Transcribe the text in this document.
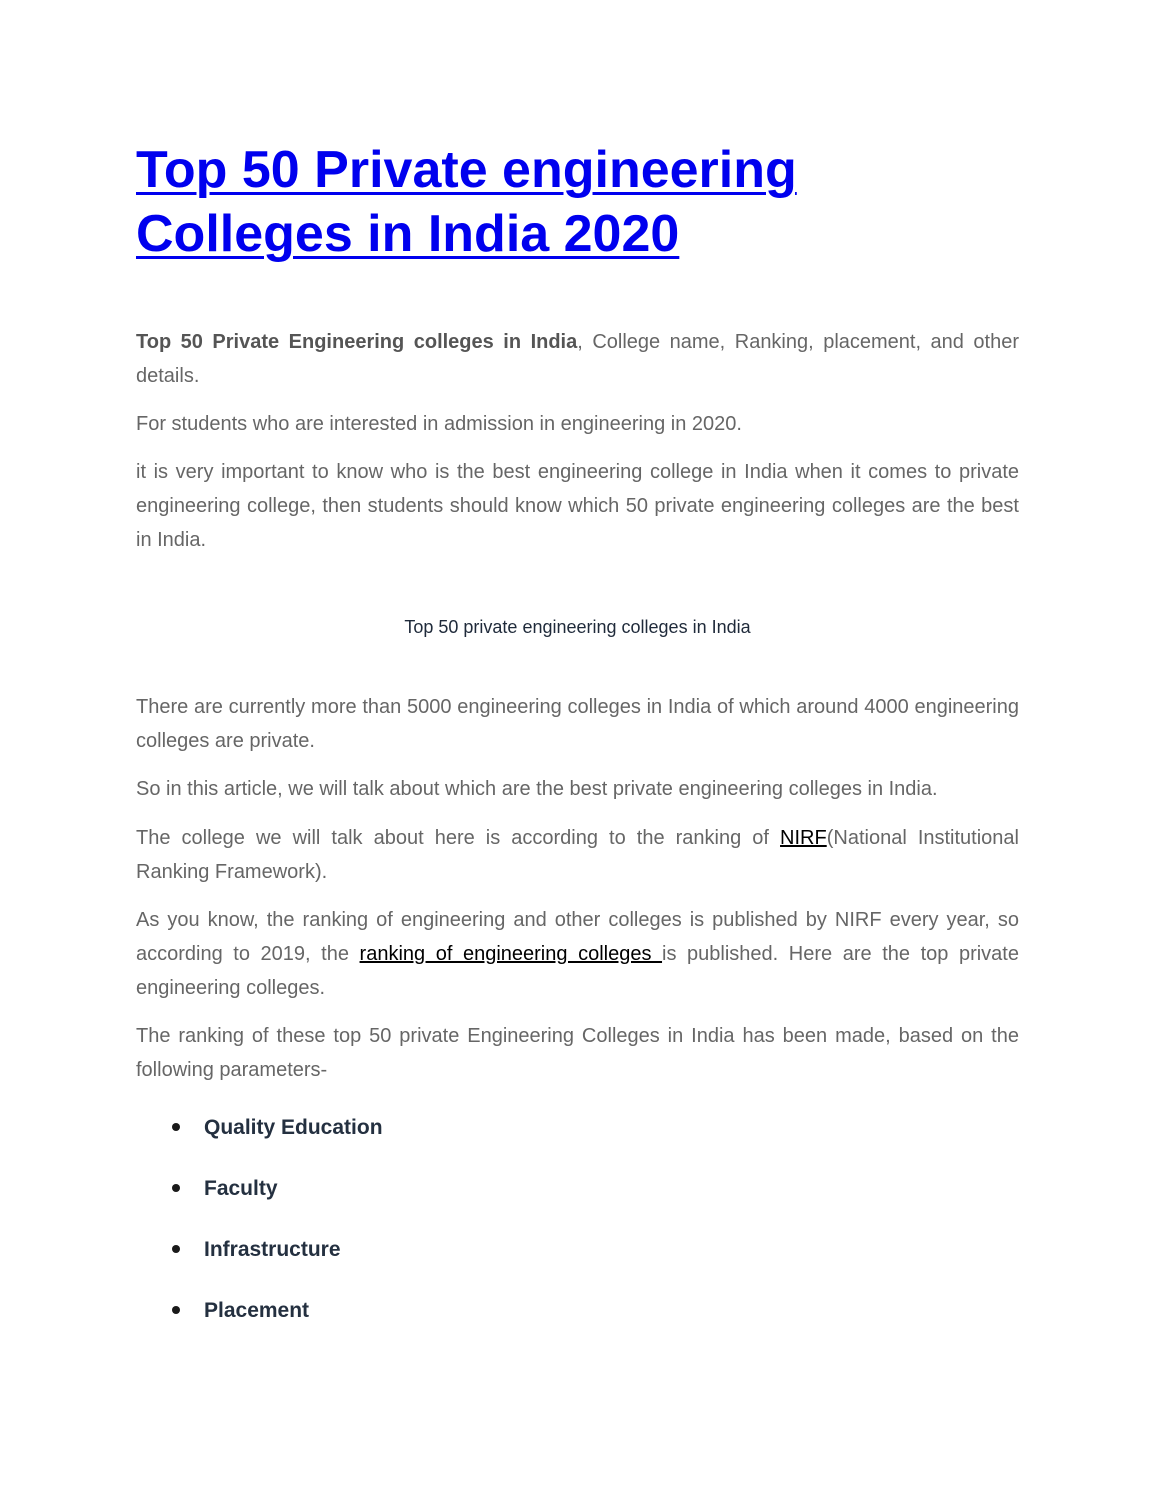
Top 50 Private engineering Colleges in India 2020

Top 50 Private Engineering colleges in India, College name, Ranking, placement, and other details.

For students who are interested in admission in engineering in 2020.

it is very important to know who is the best engineering college in India when it comes to private engineering college, then students should know which 50 private engineering colleges are the best in India.

Top 50 private engineering colleges in India

There are currently more than 5000 engineering colleges in India of which around 4000 engineering colleges are private.

So in this article, we will talk about which are the best private engineering colleges in India.

The college we will talk about here is according to the ranking of NIRF(National Institutional Ranking Framework).

As you know, the ranking of engineering and other colleges is published by NIRF every year, so according to 2019, the ranking of engineering colleges is published. Here are the top private engineering colleges.

The ranking of these top 50 private Engineering Colleges in India has been made, based on the following parameters-

Quality Education
Faculty
Infrastructure
Placement
